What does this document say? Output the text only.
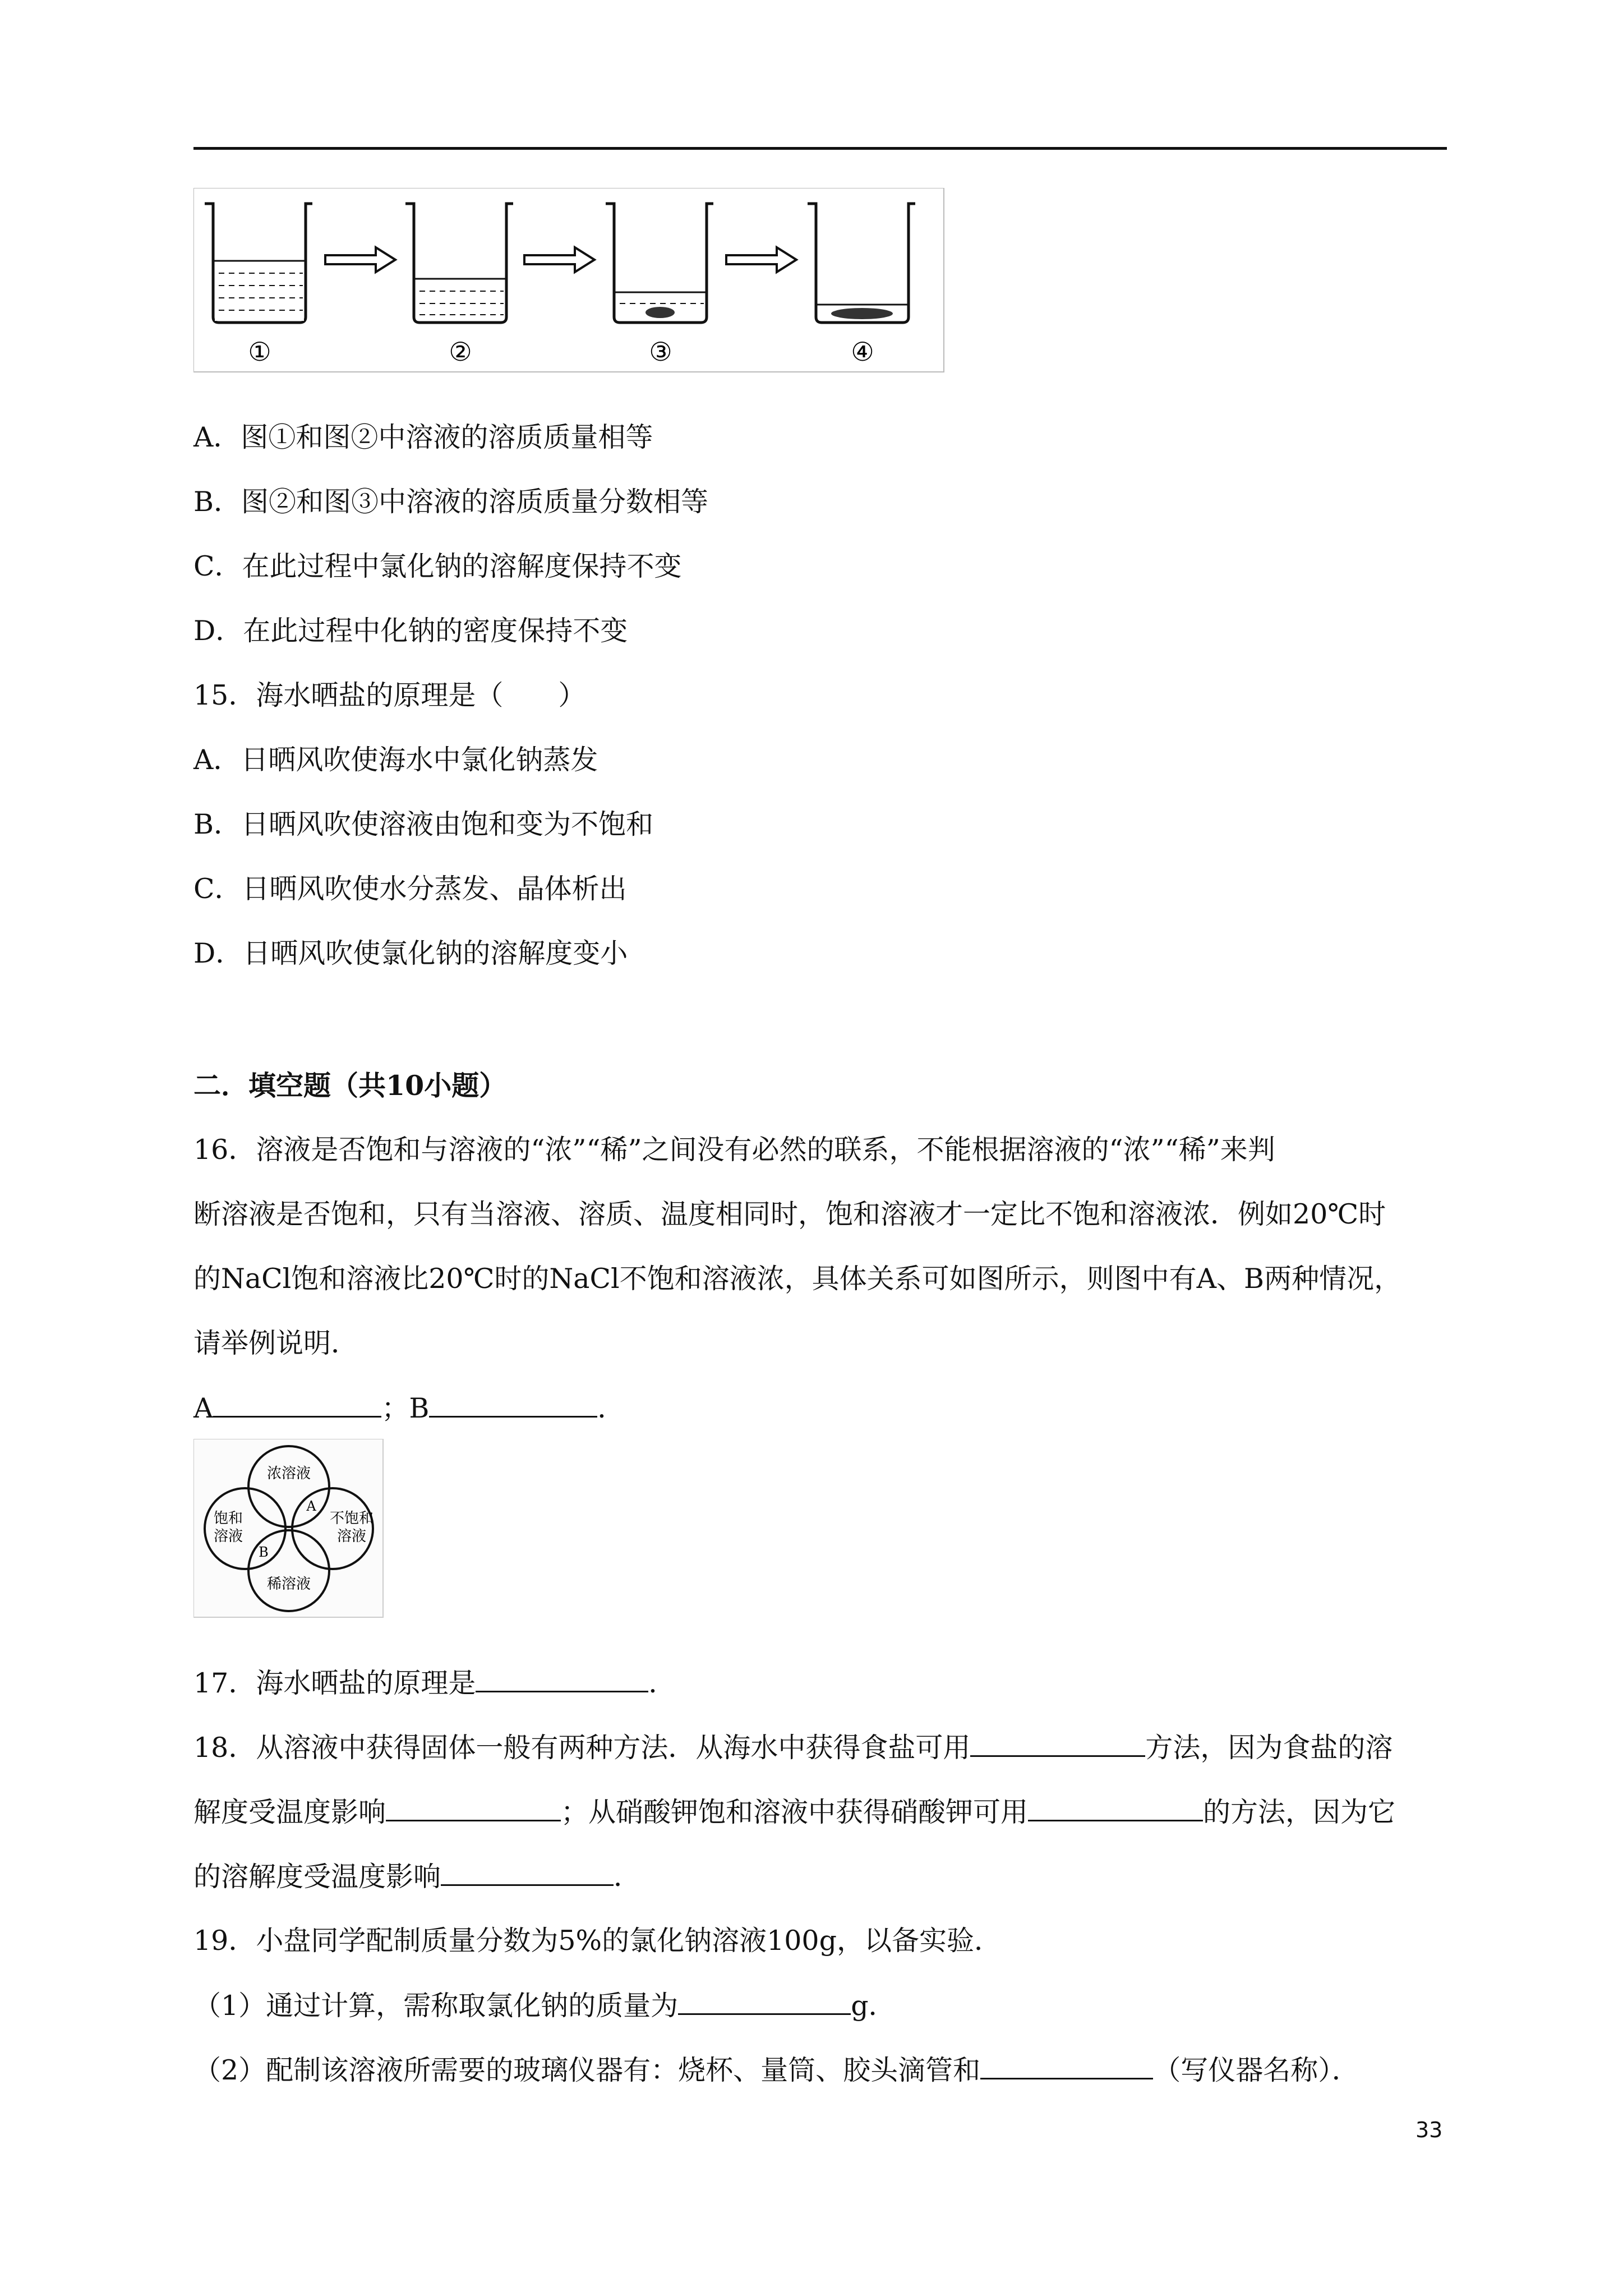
①	②	③	④
A．图①和图②中溶液的溶质质量相等
B．图②和图③中溶液的溶质质量分数相等
C．在此过程中氯化钠的溶解度保持不变
D．在此过程中化钠的密度保持不变
15．海水晒盐的原理是（　　）
A．日晒风吹使海水中氯化钠蒸发
B．日晒风吹使溶液由饱和变为不饱和
C．日晒风吹使水分蒸发、晶体析出
D．日晒风吹使氯化钠的溶解度变小
二．填空题（共10小题）
16．溶液是否饱和与溶液的“浓”“稀”之间没有必然的联系，不能根据溶液的“浓”“稀”来判
断溶液是否饱和，只有当溶液、溶质、温度相同时，饱和溶液才一定比不饱和溶液浓．例如20℃时
的NaCl饱和溶液比20℃时的NaCl不饱和溶液浓，具体关系可如图所示，则图中有A、B两种情况，
请举例说明．
A	；B	．
浓溶液
饱和
溶液
不饱和
溶液
稀溶液
A
B
17．海水晒盐的原理是	．
18．从溶液中获得固体一般有两种方法．从海水中获得食盐可用	方法，因为食盐的溶
解度受温度影响	；从硝酸钾饱和溶液中获得硝酸钾可用	的方法，因为它
的溶解度受温度影响	．
19．小盘同学配制质量分数为5%的氯化钠溶液100g，以备实验．
（1）通过计算，需称取氯化钠的质量为	g．
（2）配制该溶液所需要的玻璃仪器有：烧杯、量筒、胶头滴管和	（写仪器名称）．
33
